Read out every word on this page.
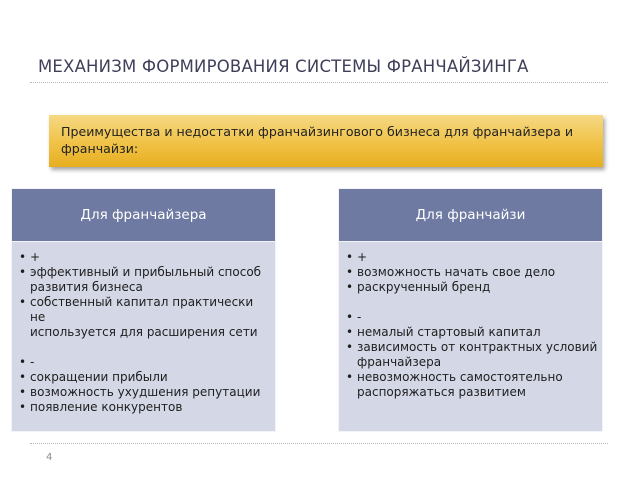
МЕХАНИЗМ ФОРМИРОВАНИЯ СИСТЕМЫ ФРАНЧАЙЗИНГА
Преимущества и недостатки франчайзингового бизнеса для франчайзера и
франчайзи:
Для франчайзера
• +
• эффективный и прибыльный способ
развития бизнеса
• собственный капитал практически не
используется для расширения сети
• -
• сокращении прибыли
• возможность ухудшения репутации
• появление конкурентов
Для франчайзи
• +
• возможность начать свое дело
• раскрученный бренд
• -
• немалый стартовый капитал
• зависимость от контрактных условий
франчайзера
• невозможность самостоятельно
распоряжаться развитием
4
